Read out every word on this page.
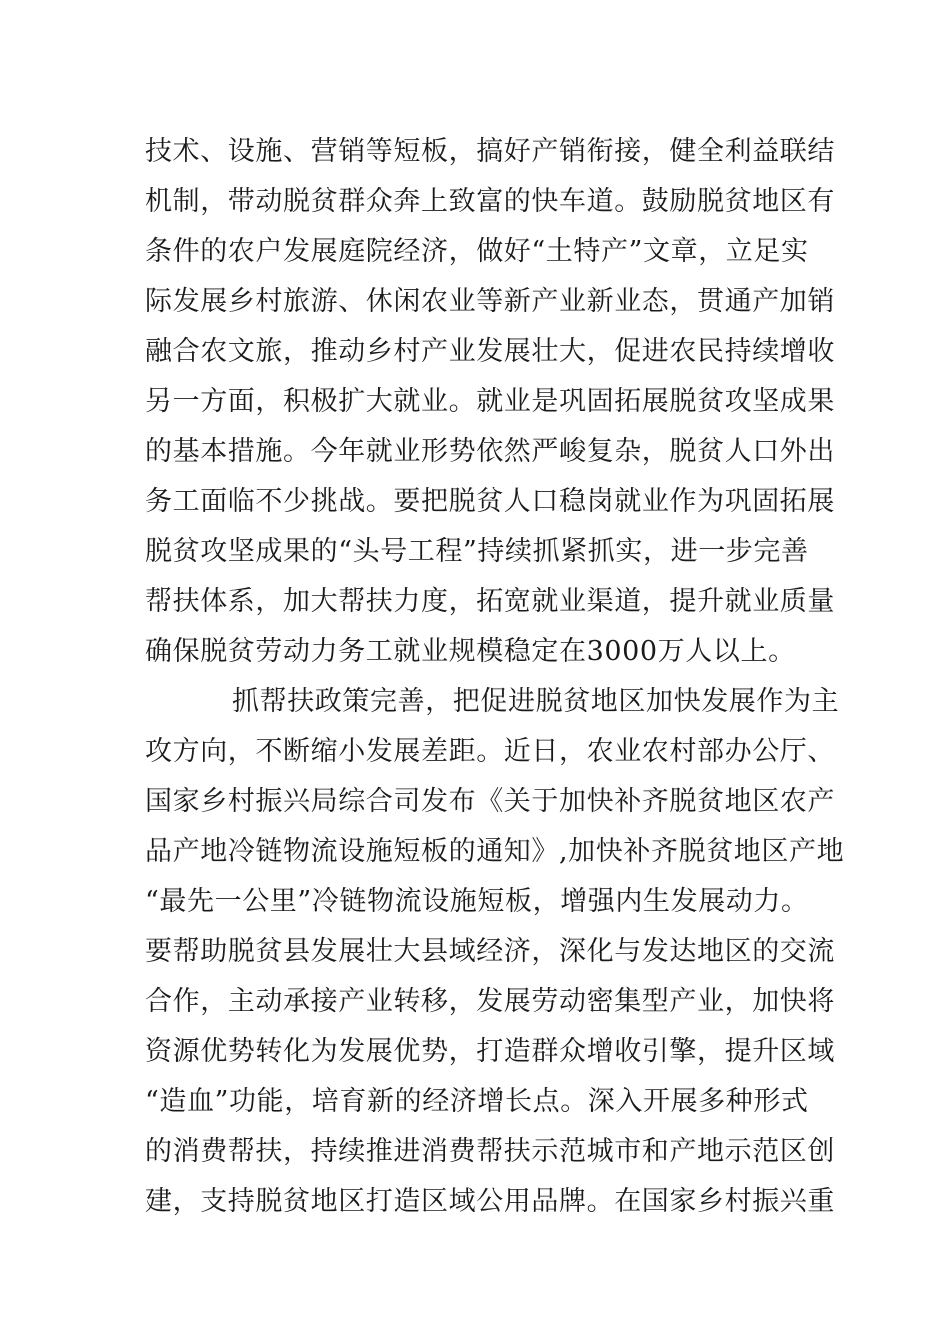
技术、设施、营销等短板，搞好产销衔接，健全利益联结
机制，带动脱贫群众奔上致富的快车道。鼓励脱贫地区有
条件的农户发展庭院经济，做好“土特产”文章，立足实
际发展乡村旅游、休闲农业等新产业新业态，贯通产加销
融合农文旅，推动乡村产业发展壮大，促进农民持续增收
另一方面，积极扩大就业。就业是巩固拓展脱贫攻坚成果
的基本措施。今年就业形势依然严峻复杂，脱贫人口外出
务工面临不少挑战。要把脱贫人口稳岗就业作为巩固拓展
脱贫攻坚成果的“头号工程”持续抓紧抓实，进一步完善
帮扶体系，加大帮扶力度，拓宽就业渠道，提升就业质量
确保脱贫劳动力务工就业规模稳定在3000万人以上。
抓帮扶政策完善，把促进脱贫地区加快发展作为主
攻方向，不断缩小发展差距。近日，农业农村部办公厅、
国家乡村振兴局综合司发布《关于加快补齐脱贫地区农产
品产地冷链物流设施短板的通知》,加快补齐脱贫地区产地
“最先一公里”冷链物流设施短板，增强内生发展动力。
要帮助脱贫县发展壮大县域经济，深化与发达地区的交流
合作，主动承接产业转移，发展劳动密集型产业，加快将
资源优势转化为发展优势，打造群众增收引擎，提升区域
“造血”功能，培育新的经济增长点。深入开展多种形式
的消费帮扶，持续推进消费帮扶示范城市和产地示范区创
建，支持脱贫地区打造区域公用品牌。在国家乡村振兴重
